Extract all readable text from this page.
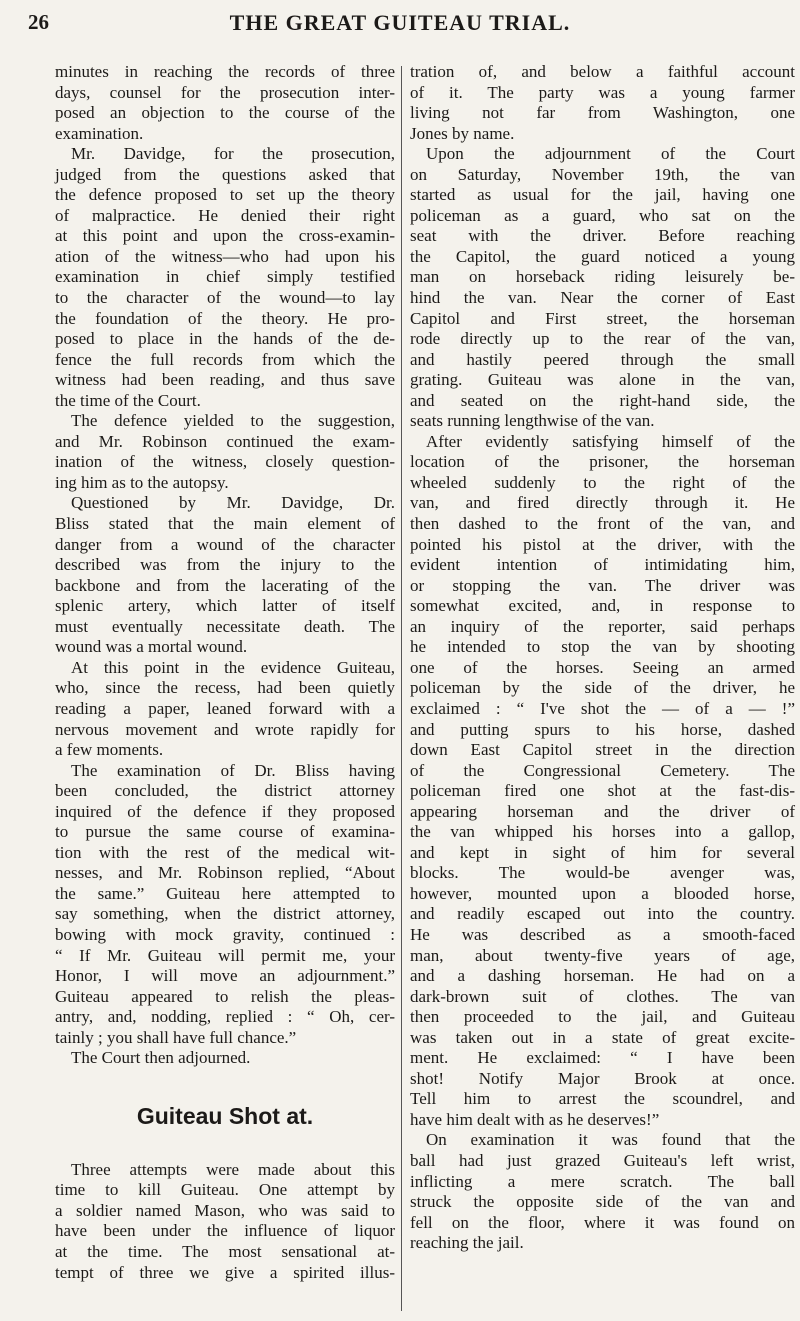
26	THE GREAT GUITEAU TRIAL.
minutes in reaching the records of three
days, counsel for the prosecution inter-
posed an objection to the course of the
examination.
Mr. Davidge, for the prosecution,
judged from the questions asked that
the defence proposed to set up the theory
of malpractice. He denied their right
at this point and upon the cross-examin-
ation of the witness—who had upon his
examination in chief simply testified
to the character of the wound—to lay
the foundation of the theory. He pro-
posed to place in the hands of the de-
fence the full records from which the
witness had been reading, and thus save
the time of the Court.
The defence yielded to the suggestion,
and Mr. Robinson continued the exam-
ination of the witness, closely question-
ing him as to the autopsy.
Questioned by Mr. Davidge, Dr.
Bliss stated that the main element of
danger from a wound of the character
described was from the injury to the
backbone and from the lacerating of the
splenic artery, which latter of itself
must eventually necessitate death. The
wound was a mortal wound.
At this point in the evidence Guiteau,
who, since the recess, had been quietly
reading a paper, leaned forward with a
nervous movement and wrote rapidly for
a few moments.
The examination of Dr. Bliss having
been concluded, the district attorney
inquired of the defence if they proposed
to pursue the same course of examina-
tion with the rest of the medical wit-
nesses, and Mr. Robinson replied, “About
the same.” Guiteau here attempted to
say something, when the district attorney,
bowing with mock gravity, continued :
“ If Mr. Guiteau will permit me, your
Honor, I will move an adjournment.”
Guiteau appeared to relish the pleas-
antry, and, nodding, replied : “ Oh, cer-
tainly ; you shall have full chance.”
The Court then adjourned.
Guiteau Shot at.
Three attempts were made about this
time to kill Guiteau. One attempt by
a soldier named Mason, who was said to
have been under the influence of liquor
at the time. The most sensational at-
tempt of three we give a spirited illus-
tration of, and below a faithful account
of it. The party was a young farmer
living not far from Washington, one
Jones by name.
Upon the adjournment of the Court
on Saturday, November 19th, the van
started as usual for the jail, having one
policeman as a guard, who sat on the
seat with the driver. Before reaching
the Capitol, the guard noticed a young
man on horseback riding leisurely be-
hind the van. Near the corner of East
Capitol and First street, the horseman
rode directly up to the rear of the van,
and hastily peered through the small
grating. Guiteau was alone in the van,
and seated on the right-hand side, the
seats running lengthwise of the van.
After evidently satisfying himself of the
location of the prisoner, the horseman
wheeled suddenly to the right of the
van, and fired directly through it. He
then dashed to the front of the van, and
pointed his pistol at the driver, with the
evident intention of intimidating him,
or stopping the van. The driver was
somewhat excited, and, in response to
an inquiry of the reporter, said perhaps
he intended to stop the van by shooting
one of the horses. Seeing an armed
policeman by the side of the driver, he
exclaimed : “ I've shot the — of a — !”
and putting spurs to his horse, dashed
down East Capitol street in the direction
of the Congressional Cemetery. The
policeman fired one shot at the fast-dis-
appearing horseman and the driver of
the van whipped his horses into a gallop,
and kept in sight of him for several
blocks. The would-be avenger was,
however, mounted upon a blooded horse,
and readily escaped out into the country.
He was described as a smooth-faced
man, about twenty-five years of age,
and a dashing horseman. He had on a
dark-brown suit of clothes. The van
then proceeded to the jail, and Guiteau
was taken out in a state of great excite-
ment. He exclaimed: “ I have been
shot! Notify Major Brook at once.
Tell him to arrest the scoundrel, and
have him dealt with as he deserves!”
On examination it was found that the
ball had just grazed Guiteau's left wrist,
inflicting a mere scratch. The ball
struck the opposite side of the van and
fell on the floor, where it was found on
reaching the jail.
